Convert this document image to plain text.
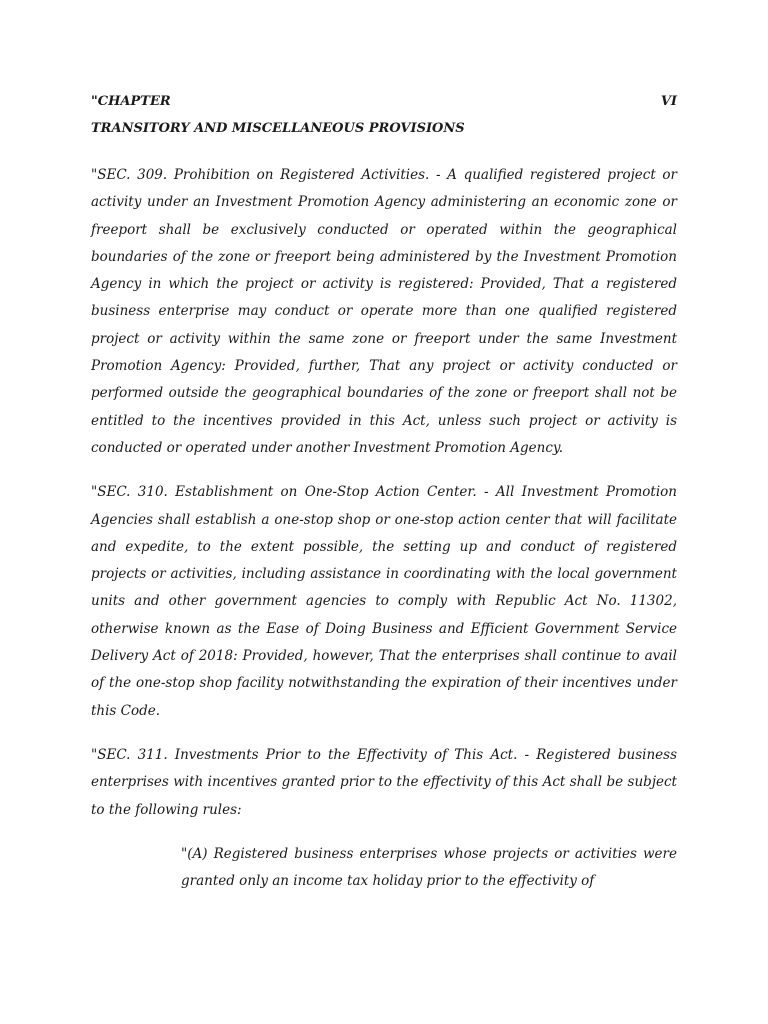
"CHAPTER	VI
TRANSITORY AND MISCELLANEOUS PROVISIONS

"SEC. 309. Prohibition on Registered Activities. - A qualified registered project or activity under an Investment Promotion Agency administering an economic zone or freeport shall be exclusively conducted or operated within the geographical boundaries of the zone or freeport being administered by the Investment Promotion Agency in which the project or activity is registered: Provided, That a registered business enterprise may conduct or operate more than one qualified registered project or activity within the same zone or freeport under the same Investment Promotion Agency: Provided, further, That any project or activity conducted or performed outside the geographical boundaries of the zone or freeport shall not be entitled to the incentives provided in this Act, unless such project or activity is conducted or operated under another Investment Promotion Agency.

"SEC. 310. Establishment on One-Stop Action Center. - All Investment Promotion Agencies shall establish a one-stop shop or one-stop action center that will facilitate and expedite, to the extent possible, the setting up and conduct of registered projects or activities, including assistance in coordinating with the local government units and other government agencies to comply with Republic Act No. 11302, otherwise known as the Ease of Doing Business and Efficient Government Service Delivery Act of 2018: Provided, however, That the enterprises shall continue to avail of the one-stop shop facility notwithstanding the expiration of their incentives under this Code.

"SEC. 311. Investments Prior to the Effectivity of This Act. - Registered business enterprises with incentives granted prior to the effectivity of this Act shall be subject to the following rules:

"(A) Registered business enterprises whose projects or activities were granted only an income tax holiday prior to the effectivity of
